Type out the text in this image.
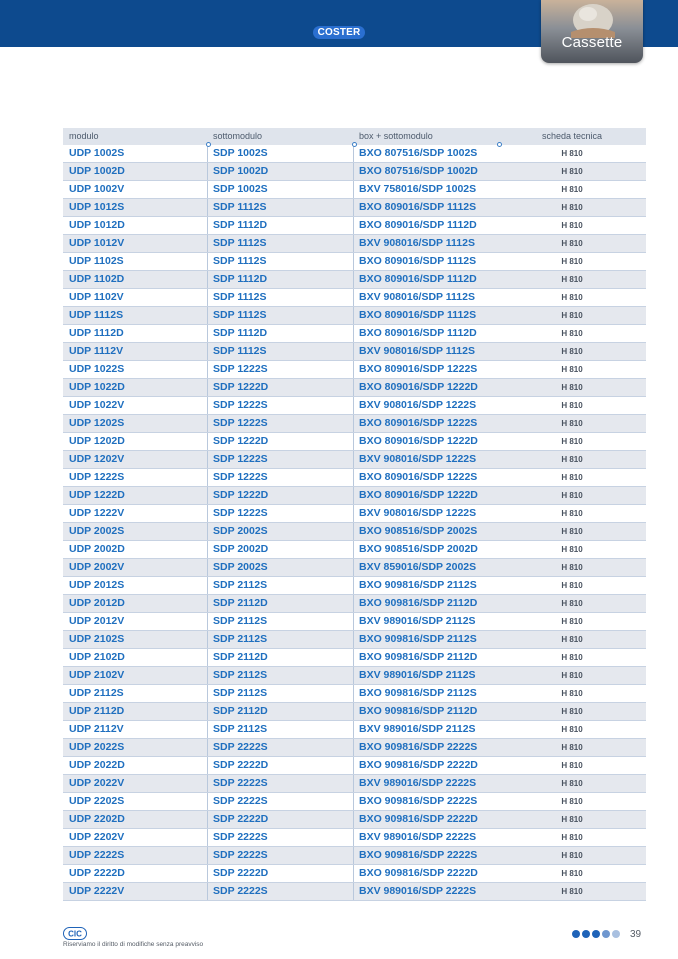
COSTER
Cassette
modulo	sottomodulo	box + sottomodulo	scheda tecnica
UDP 1002S	SDP 1002S	BXO 807516/SDP 1002S	H 810
UDP 1002D	SDP 1002D	BXO 807516/SDP 1002D	H 810
UDP 1002V	SDP 1002S	BXV 758016/SDP 1002S	H 810
UDP 1012S	SDP 1112S	BXO 809016/SDP 1112S	H 810
UDP 1012D	SDP 1112D	BXO 809016/SDP 1112D	H 810
UDP 1012V	SDP 1112S	BXV 908016/SDP 1112S	H 810
UDP 1102S	SDP 1112S	BXO 809016/SDP 1112S	H 810
UDP 1102D	SDP 1112D	BXO 809016/SDP 1112D	H 810
UDP 1102V	SDP 1112S	BXV 908016/SDP 1112S	H 810
UDP 1112S	SDP 1112S	BXO 809016/SDP 1112S	H 810
UDP 1112D	SDP 1112D	BXO 809016/SDP 1112D	H 810
UDP 1112V	SDP 1112S	BXV 908016/SDP 1112S	H 810
UDP 1022S	SDP 1222S	BXO 809016/SDP 1222S	H 810
UDP 1022D	SDP 1222D	BXO 809016/SDP 1222D	H 810
UDP 1022V	SDP 1222S	BXV 908016/SDP 1222S	H 810
UDP 1202S	SDP 1222S	BXO 809016/SDP 1222S	H 810
UDP 1202D	SDP 1222D	BXO 809016/SDP 1222D	H 810
UDP 1202V	SDP 1222S	BXV 908016/SDP 1222S	H 810
UDP 1222S	SDP 1222S	BXO 809016/SDP 1222S	H 810
UDP 1222D	SDP 1222D	BXO 809016/SDP 1222D	H 810
UDP 1222V	SDP 1222S	BXV 908016/SDP 1222S	H 810
UDP 2002S	SDP 2002S	BXO 908516/SDP 2002S	H 810
UDP 2002D	SDP 2002D	BXO 908516/SDP 2002D	H 810
UDP 2002V	SDP 2002S	BXV 859016/SDP 2002S	H 810
UDP 2012S	SDP 2112S	BXO 909816/SDP 2112S	H 810
UDP 2012D	SDP 2112D	BXO 909816/SDP 2112D	H 810
UDP 2012V	SDP 2112S	BXV 989016/SDP 2112S	H 810
UDP 2102S	SDP 2112S	BXO 909816/SDP 2112S	H 810
UDP 2102D	SDP 2112D	BXO 909816/SDP 2112D	H 810
UDP 2102V	SDP 2112S	BXV 989016/SDP 2112S	H 810
UDP 2112S	SDP 2112S	BXO 909816/SDP 2112S	H 810
UDP 2112D	SDP 2112D	BXO 909816/SDP 2112D	H 810
UDP 2112V	SDP 2112S	BXV 989016/SDP 2112S	H 810
UDP 2022S	SDP 2222S	BXO 909816/SDP 2222S	H 810
UDP 2022D	SDP 2222D	BXO 909816/SDP 2222D	H 810
UDP 2022V	SDP 2222S	BXV 989016/SDP 2222S	H 810
UDP 2202S	SDP 2222S	BXO 909816/SDP 2222S	H 810
UDP 2202D	SDP 2222D	BXO 909816/SDP 2222D	H 810
UDP 2202V	SDP 2222S	BXV 989016/SDP 2222S	H 810
UDP 2222S	SDP 2222S	BXO 909816/SDP 2222S	H 810
UDP 2222D	SDP 2222D	BXO 909816/SDP 2222D	H 810
UDP 2222V	SDP 2222S	BXV 989016/SDP 2222S	H 810
CIC
Riserviamo il diritto di modifiche senza preavviso
39
